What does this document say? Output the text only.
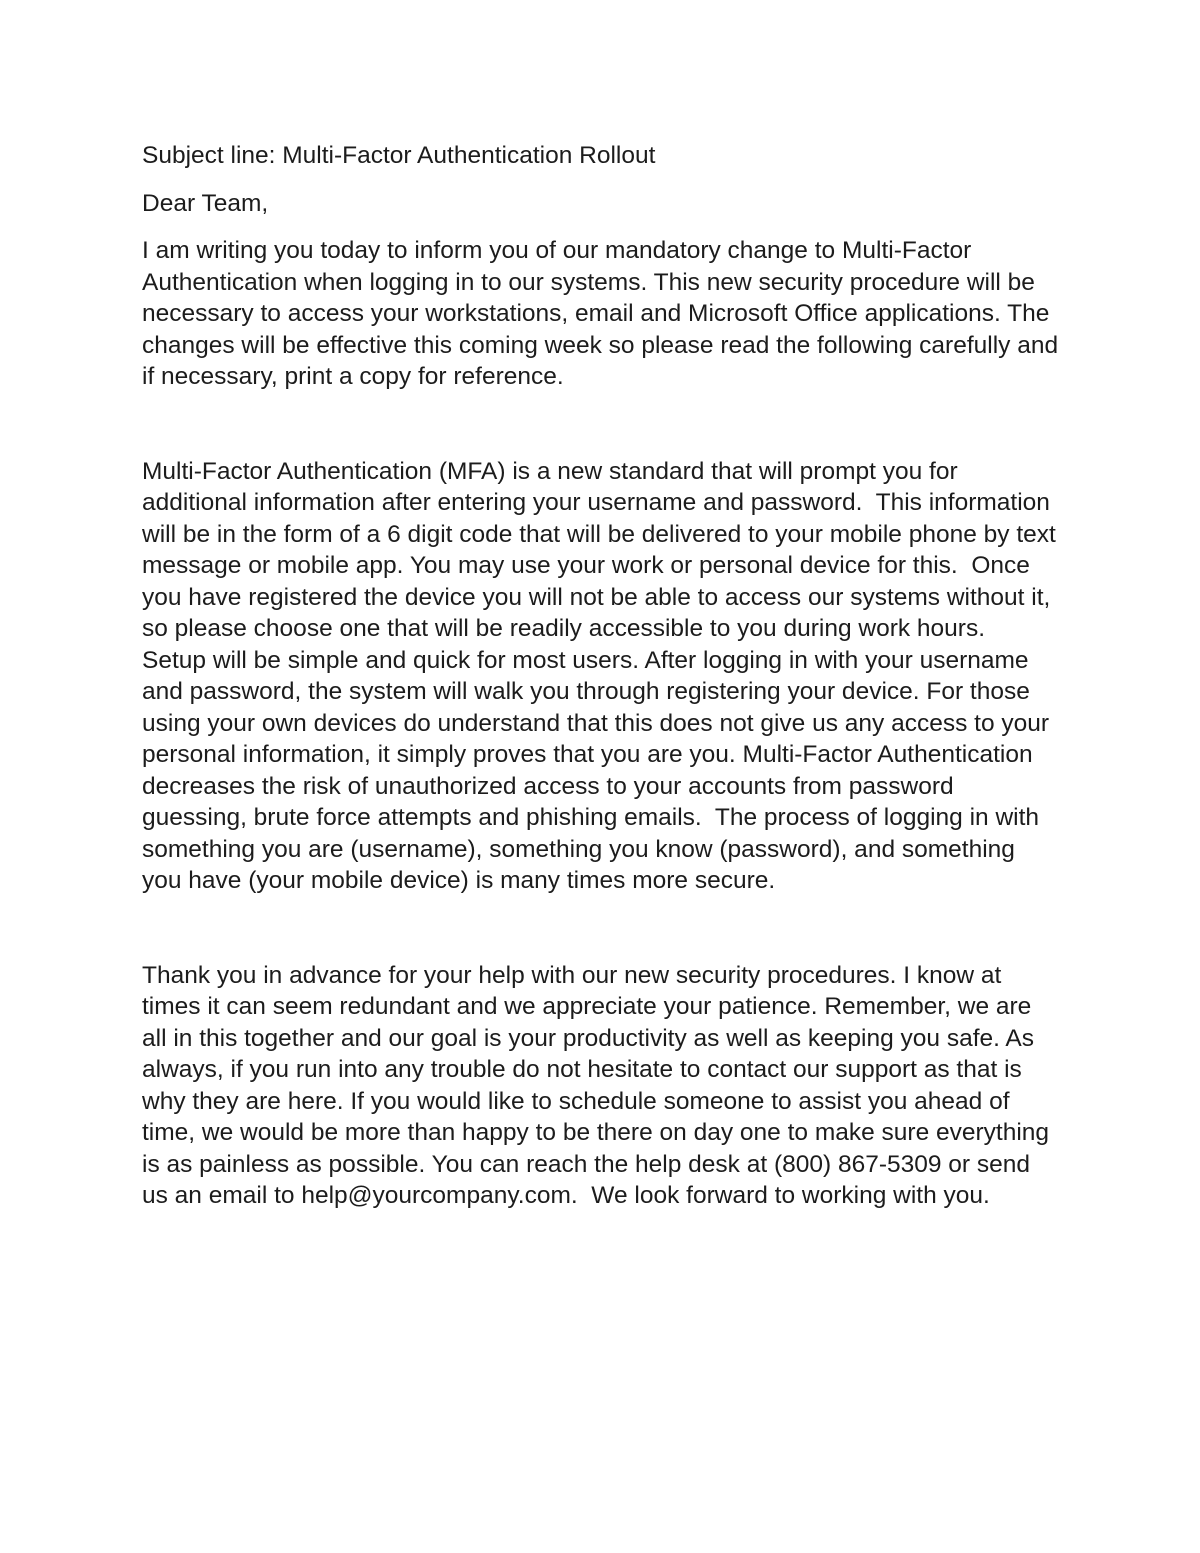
Subject line: Multi-Factor Authentication Rollout

Dear Team,

I am writing you today to inform you of our mandatory change to Multi-Factor Authentication when logging in to our systems. This new security procedure will be necessary to access your workstations, email and Microsoft Office applications. The changes will be effective this coming week so please read the following carefully and if necessary, print a copy for reference.

Multi-Factor Authentication (MFA) is a new standard that will prompt you for additional information after entering your username and password.  This information will be in the form of a 6 digit code that will be delivered to your mobile phone by text message or mobile app. You may use your work or personal device for this.  Once you have registered the device you will not be able to access our systems without it, so please choose one that will be readily accessible to you during work hours.  Setup will be simple and quick for most users. After logging in with your username and password, the system will walk you through registering your device. For those using your own devices do understand that this does not give us any access to your personal information, it simply proves that you are you. Multi-Factor Authentication decreases the risk of unauthorized access to your accounts from password guessing, brute force attempts and phishing emails.  The process of logging in with something you are (username), something you know (password), and something you have (your mobile device) is many times more secure.

Thank you in advance for your help with our new security procedures. I know at times it can seem redundant and we appreciate your patience. Remember, we are all in this together and our goal is your productivity as well as keeping you safe. As always, if you run into any trouble do not hesitate to contact our support as that is why they are here. If you would like to schedule someone to assist you ahead of time, we would be more than happy to be there on day one to make sure everything is as painless as possible. You can reach the help desk at (800) 867-5309 or send us an email to help@yourcompany.com.  We look forward to working with you.
